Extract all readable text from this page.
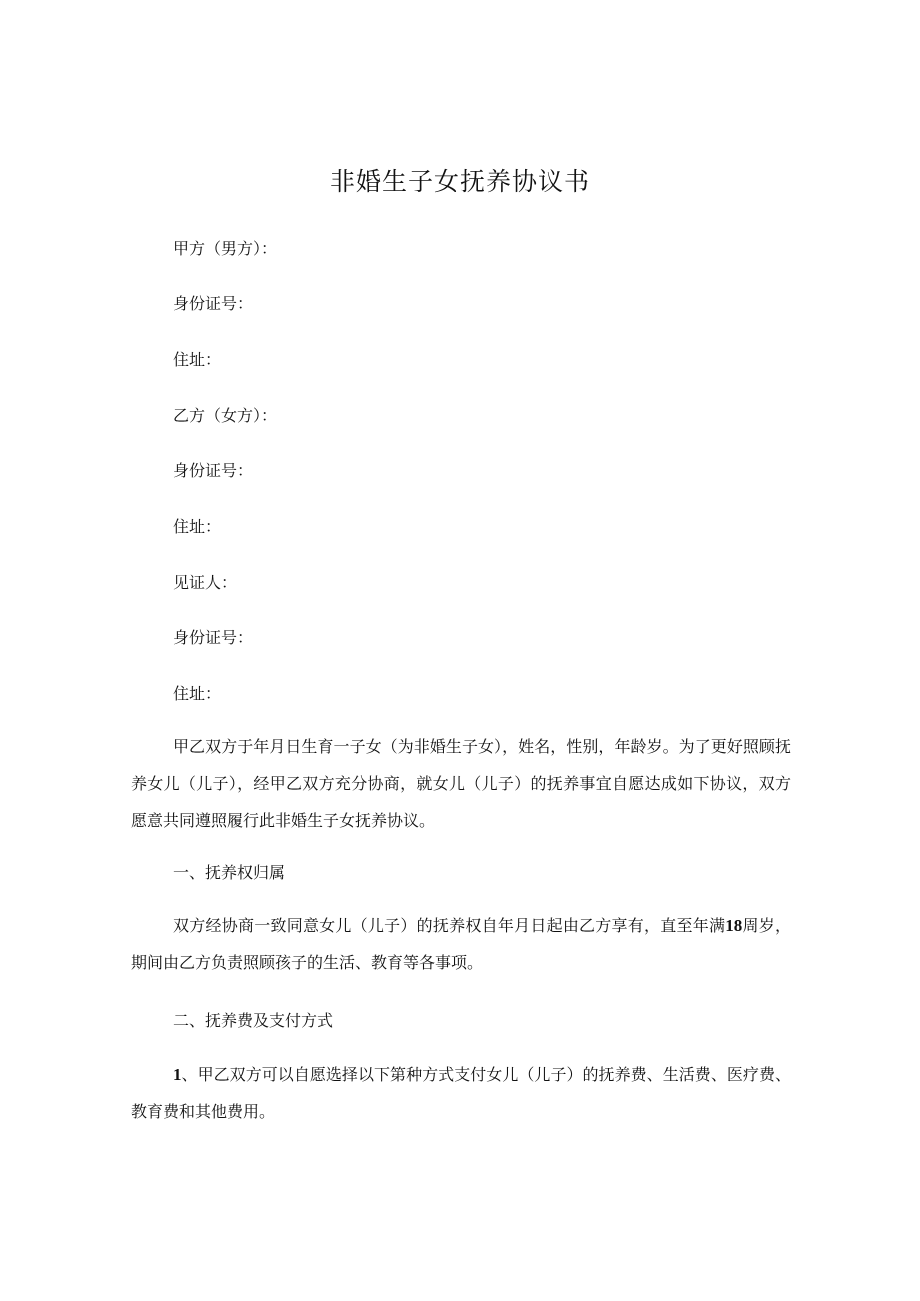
非婚生子女抚养协议书
甲方（男方）：
身份证号：
住址：
乙方（女方）：
身份证号：
住址：
见证人：
身份证号：
住址：
甲乙双方于年月日生育一子女（为非婚生子女），姓名，性别，年龄岁。为了更好照顾抚养女儿（儿子），经甲乙双方充分协商，就女儿（儿子）的抚养事宜自愿达成如下协议，双方愿意共同遵照履行此非婚生子女抚养协议。
一、抚养权归属
双方经协商一致同意女儿（儿子）的抚养权自年月日起由乙方享有，直至年满18周岁，期间由乙方负责照顾孩子的生活、教育等各事项。
二、抚养费及支付方式
1、甲乙双方可以自愿选择以下第种方式支付女儿（儿子）的抚养费、生活费、医疗费、教育费和其他费用。
